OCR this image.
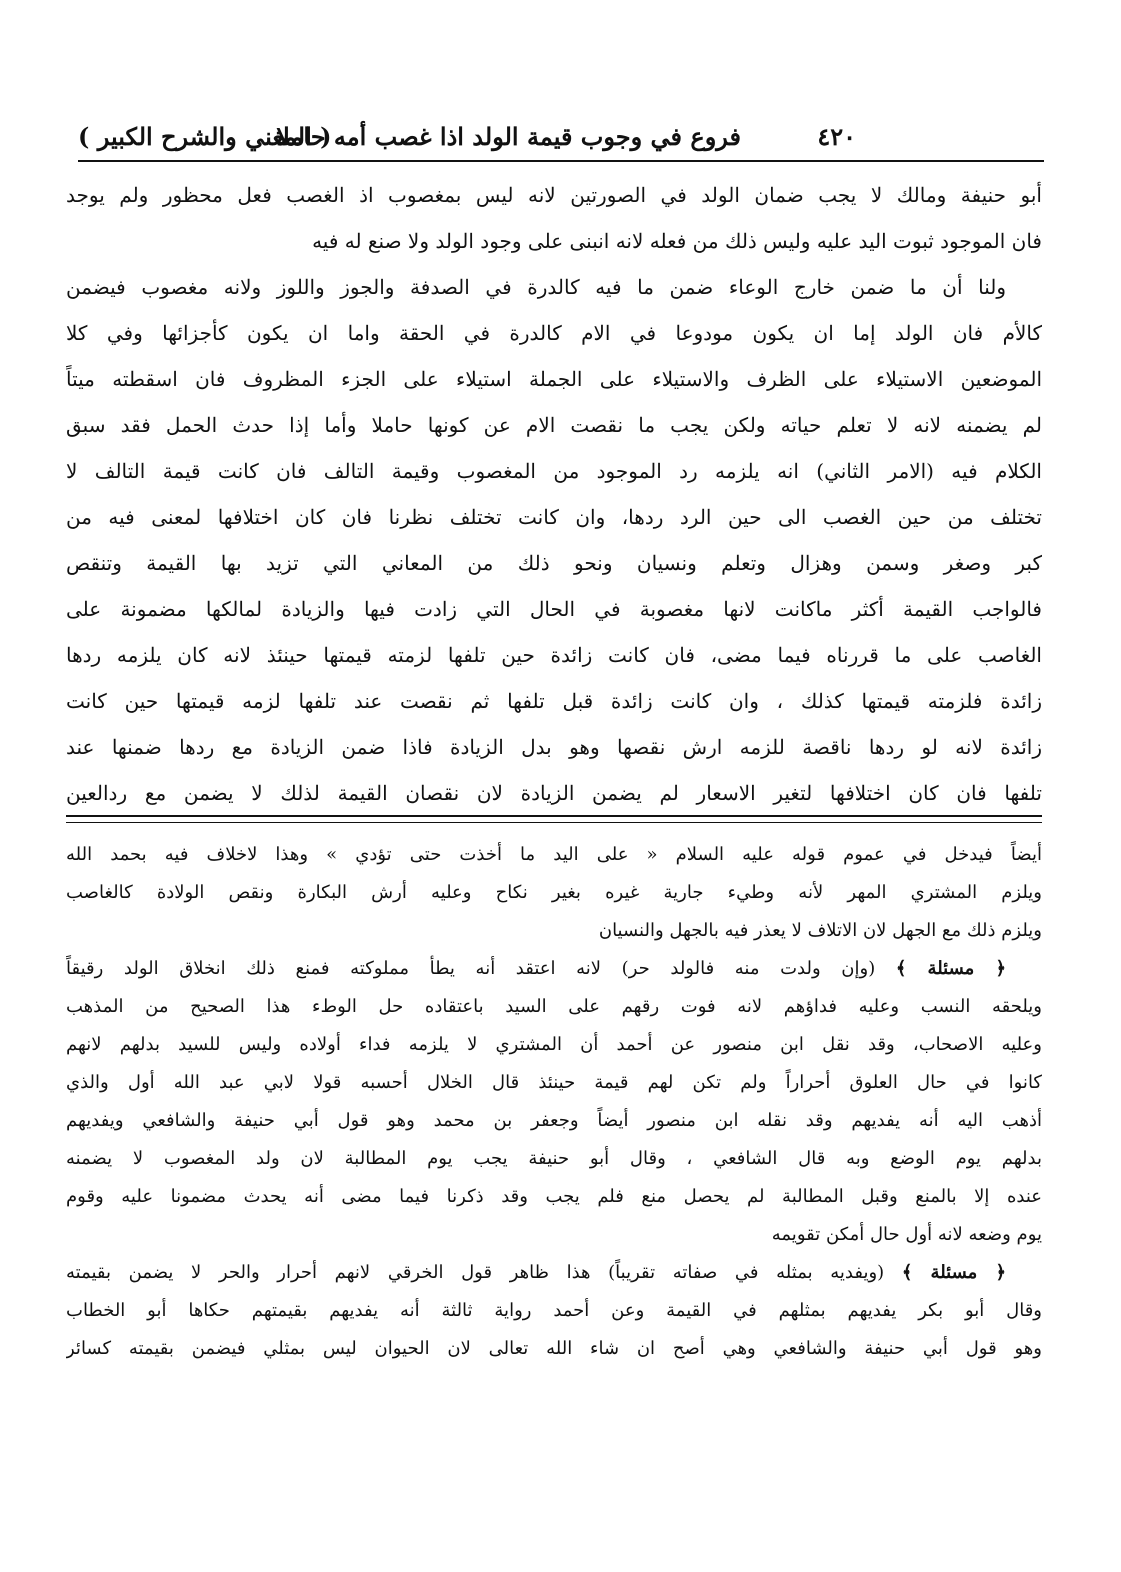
٤٢٠
فروع في وجوب قيمة الولد اذا غصب أمه حاملا
( المغني والشرح الكبير )
أبو حنيفة ومالك لا يجب ضمان الولد في الصورتين لانه ليس بمغصوب اذ الغصب فعل محظور ولم يوجد
فان الموجود ثبوت اليد عليه وليس ذلك من فعله لانه انبنى على وجود الولد ولا صنع له فيه
ولنا أن ما ضمن خارج الوعاء ضمن ما فيه كالدرة في الصدفة والجوز واللوز ولانه مغصوب فيضمن
كالأم فان الولد إما ان يكون مودوعا في الام كالدرة في الحقة واما ان يكون كأجزائها وفي كلا
الموضعين الاستيلاء على الظرف والاستيلاء على الجملة استيلاء على الجزء المظروف فان اسقطته ميتاً
لم يضمنه لانه لا تعلم حياته ولكن يجب ما نقصت الام عن كونها حاملا وأما إذا حدث الحمل فقد سبق
الكلام فيه (الامر الثاني) انه يلزمه رد الموجود من المغصوب وقيمة التالف فان كانت قيمة التالف لا
تختلف من حين الغصب الى حين الرد ردها، وان كانت تختلف نظرنا فان كان اختلافها لمعنى فيه من
كبر وصغر وسمن وهزال وتعلم ونسيان ونحو ذلك من المعاني التي تزيد بها القيمة وتنقص
فالواجب القيمة أكثر ماكانت لانها مغصوبة في الحال التي زادت فيها والزيادة لمالكها مضمونة على
الغاصب على ما قررناه فيما مضى، فان كانت زائدة حين تلفها لزمته قيمتها حينئذ لانه كان يلزمه ردها
زائدة فلزمته قيمتها كذلك ، وان كانت زائدة قبل تلفها ثم نقصت عند تلفها لزمه قيمتها حين كانت
زائدة لانه لو ردها ناقصة للزمه ارش نقصها وهو بدل الزيادة فاذا ضمن الزيادة مع ردها ضمنها عند
تلفها فان كان اختلافها لتغير الاسعار لم يضمن الزيادة لان نقصان القيمة لذلك لا يضمن مع ردالعين
أيضاً فيدخل في عموم قوله عليه السلام « على اليد ما أخذت حتى تؤدي » وهذا لاخلاف فيه بحمد الله
ويلزم المشتري المهر لأنه وطيء جارية غيره بغير نكاح وعليه أرش البكارة ونقص الولادة كالغاصب
ويلزم ذلك مع الجهل لان الاتلاف لا يعذر فيه بالجهل والنسيان
﴿ مسئلة ﴾ (وإن ولدت منه فالولد حر) لانه اعتقد أنه يطأ مملوكته فمنع ذلك انخلاق الولد رقيقاً
ويلحقه النسب وعليه فداؤهم لانه فوت رقهم على السيد باعتقاده حل الوطء هذا الصحيح من المذهب
وعليه الاصحاب، وقد نقل ابن منصور عن أحمد أن المشتري لا يلزمه فداء أولاده وليس للسيد بدلهم لانهم
كانوا في حال العلوق أحراراً ولم تكن لهم قيمة حينئذ قال الخلال أحسبه قولا لابي عبد الله أول والذي
أذهب اليه أنه يفديهم وقد نقله ابن منصور أيضاً وجعفر بن محمد وهو قول أبي حنيفة والشافعي ويفديهم
بدلهم يوم الوضع وبه قال الشافعي ، وقال أبو حنيفة يجب يوم المطالبة لان ولد المغصوب لا يضمنه
عنده إلا بالمنع وقبل المطالبة لم يحصل منع فلم يجب وقد ذكرنا فيما مضى أنه يحدث مضمونا عليه وقوم
يوم وضعه لانه أول حال أمكن تقويمه
﴿ مسئلة ﴾ (ويفديه بمثله في صفاته تقريباً) هذا ظاهر قول الخرقي لانهم أحرار والحر لا يضمن بقيمته
وقال أبو بكر يفديهم بمثلهم في القيمة وعن أحمد رواية ثالثة أنه يفديهم بقيمتهم حكاها أبو الخطاب
وهو قول أبي حنيفة والشافعي وهي أصح ان شاء الله تعالى لان الحيوان ليس بمثلي فيضمن بقيمته كسائر
